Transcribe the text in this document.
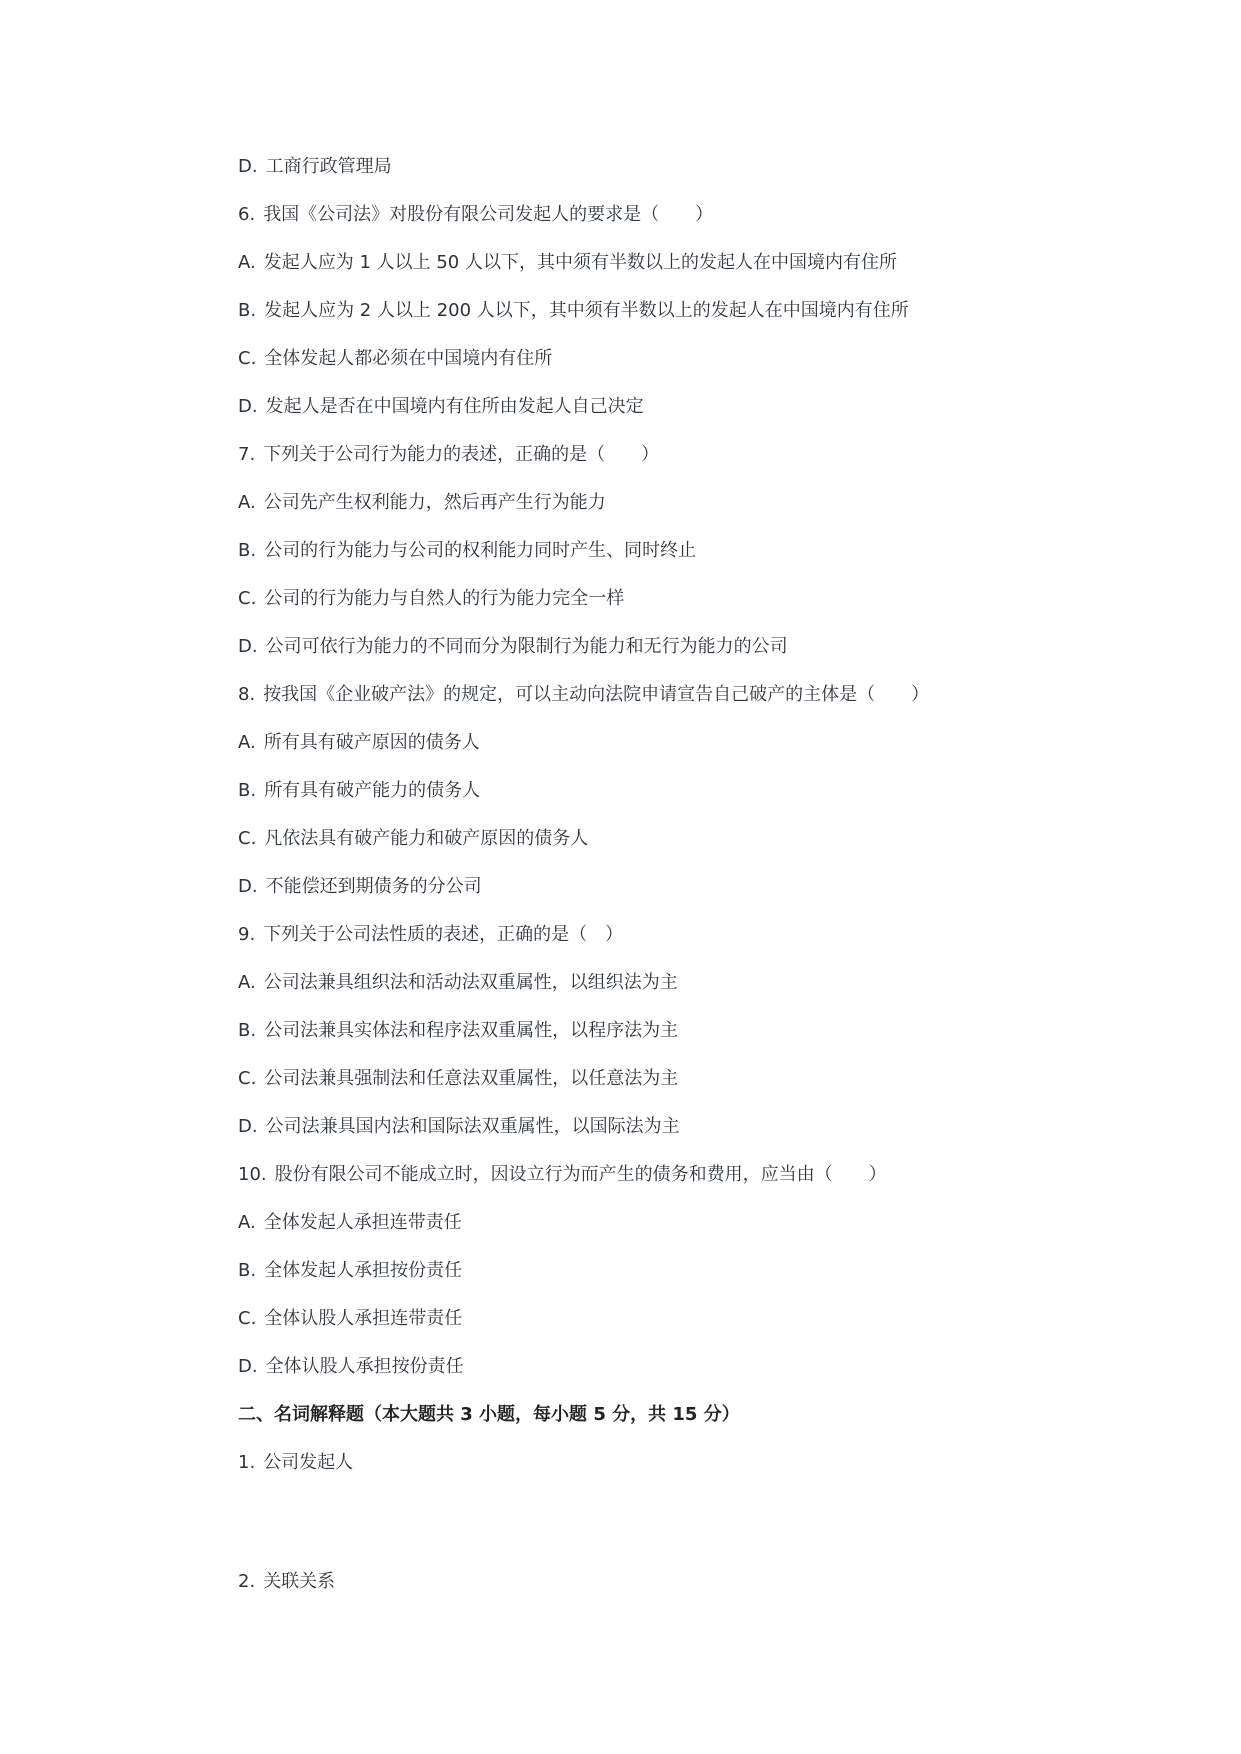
D. 工商行政管理局
6. 我国《公司法》对股份有限公司发起人的要求是（　　）
A. 发起人应为 1 人以上 50 人以下，其中须有半数以上的发起人在中国境内有住所
B. 发起人应为 2 人以上 200 人以下，其中须有半数以上的发起人在中国境内有住所
C. 全体发起人都必须在中国境内有住所
D. 发起人是否在中国境内有住所由发起人自己决定
7. 下列关于公司行为能力的表述，正确的是（　　）
A. 公司先产生权利能力，然后再产生行为能力
B. 公司的行为能力与公司的权利能力同时产生、同时终止
C. 公司的行为能力与自然人的行为能力完全一样
D. 公司可依行为能力的不同而分为限制行为能力和无行为能力的公司
8. 按我国《企业破产法》的规定，可以主动向法院申请宣告自己破产的主体是（　　）
A. 所有具有破产原因的债务人
B. 所有具有破产能力的债务人
C. 凡依法具有破产能力和破产原因的债务人
D. 不能偿还到期债务的分公司
9. 下列关于公司法性质的表述，正确的是（　）
A. 公司法兼具组织法和活动法双重属性，以组织法为主
B. 公司法兼具实体法和程序法双重属性，以程序法为主
C. 公司法兼具强制法和任意法双重属性，以任意法为主
D. 公司法兼具国内法和国际法双重属性，以国际法为主
10. 股份有限公司不能成立时，因设立行为而产生的债务和费用，应当由（　　）
A. 全体发起人承担连带责任
B. 全体发起人承担按份责任
C. 全体认股人承担连带责任
D. 全体认股人承担按份责任
二、名词解释题（本大题共 3 小题，每小题 5 分，共 15 分）
1. 公司发起人
2. 关联关系
